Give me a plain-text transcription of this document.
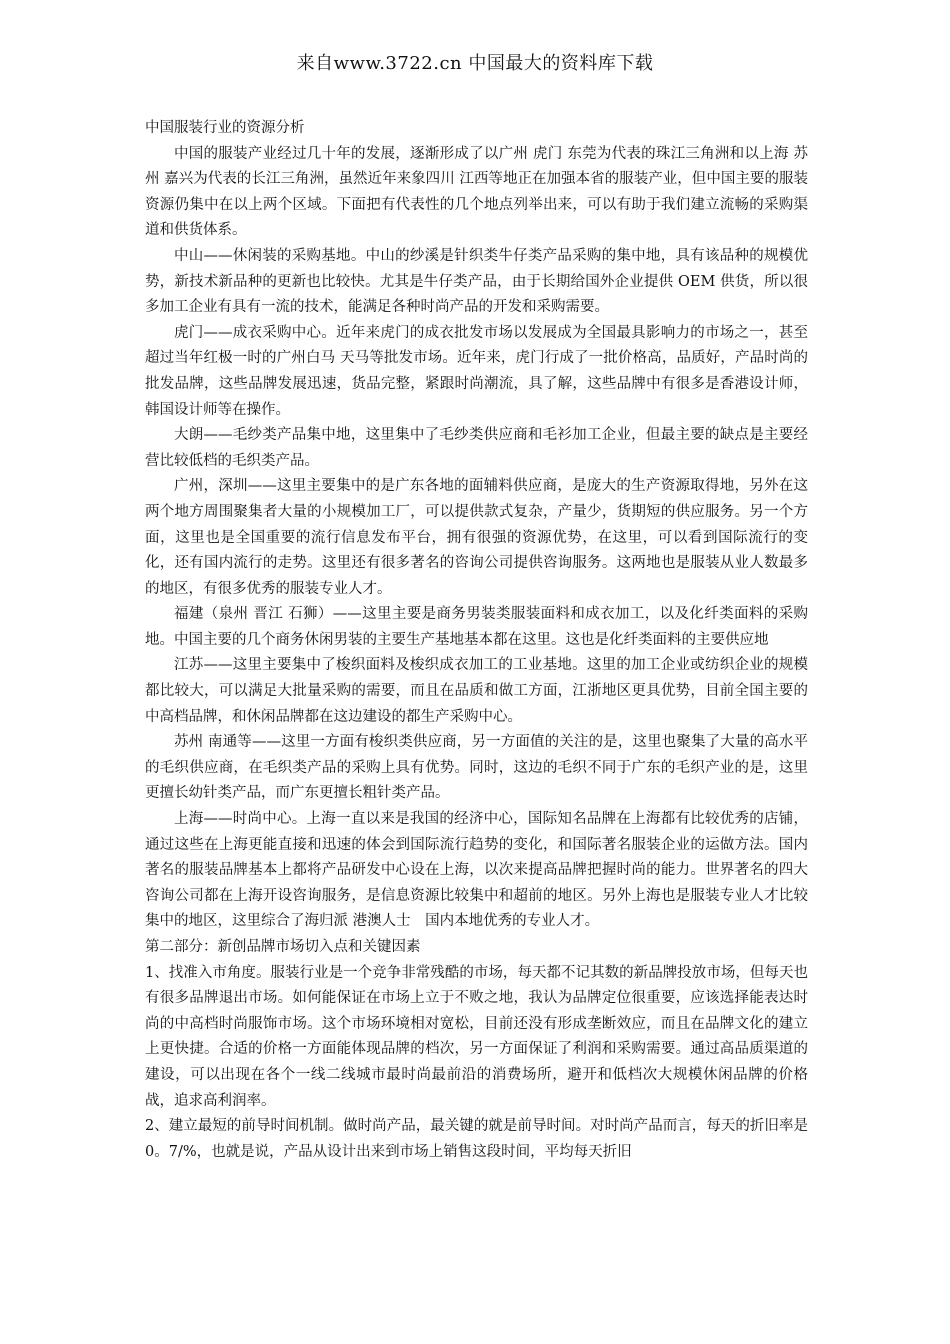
来自www.3722.cn 中国最大的资料库下载

中国服装行业的资源分析

中国的服装产业经过几十年的发展，逐渐形成了以广州 虎门 东莞为代表的珠江三角洲和以上海 苏州 嘉兴为代表的长江三角洲，虽然近年来象四川 江西等地正在加强本省的服装产业，但中国主要的服装资源仍集中在以上两个区域。下面把有代表性的几个地点列举出来，可以有助于我们建立流畅的采购渠道和供货体系。

中山——休闲装的采购基地。中山的纱溪是针织类牛仔类产品采购的集中地，具有该品种的规模优势，新技术新品种的更新也比较快。尤其是牛仔类产品，由于长期给国外企业提供 OEM 供货，所以很多加工企业有具有一流的技术，能满足各种时尚产品的开发和采购需要。

虎门——成衣采购中心。近年来虎门的成衣批发市场以发展成为全国最具影响力的市场之一，甚至超过当年红极一时的广州白马 天马等批发市场。近年来，虎门行成了一批价格高，品质好，产品时尚的批发品牌，这些品牌发展迅速，货品完整，紧跟时尚潮流，具了解，这些品牌中有很多是香港设计师，韩国设计师等在操作。

大朗——毛纱类产品集中地，这里集中了毛纱类供应商和毛衫加工企业，但最主要的缺点是主要经营比较低档的毛织类产品。

广州，深圳——这里主要集中的是广东各地的面辅料供应商，是庞大的生产资源取得地，另外在这两个地方周围聚集者大量的小规模加工厂，可以提供款式复杂，产量少，货期短的供应服务。另一个方面，这里也是全国重要的流行信息发布平台，拥有很强的资源优势，在这里，可以看到国际流行的变化，还有国内流行的走势。这里还有很多著名的咨询公司提供咨询服务。这两地也是服装从业人数最多的地区，有很多优秀的服装专业人才。

福建（泉州 晋江 石狮）——这里主要是商务男装类服装面料和成衣加工，以及化纤类面料的采购地。中国主要的几个商务休闲男装的主要生产基地基本都在这里。这也是化纤类面料的主要供应地

江苏——这里主要集中了梭织面料及梭织成衣加工的工业基地。这里的加工企业或纺织企业的规模都比较大，可以满足大批量采购的需要，而且在品质和做工方面，江浙地区更具优势，目前全国主要的中高档品牌，和休闲品牌都在这边建设的都生产采购中心。

苏州 南通等——这里一方面有梭织类供应商，另一方面值的关注的是，这里也聚集了大量的高水平的毛织供应商，在毛织类产品的采购上具有优势。同时，这边的毛织不同于广东的毛织产业的是，这里更擅长幼针类产品，而广东更擅长粗针类产品。

上海——时尚中心。上海一直以来是我国的经济中心，国际知名品牌在上海都有比较优秀的店铺，通过这些在上海更能直接和迅速的体会到国际流行趋势的变化，和国际著名服装企业的运做方法。国内著名的服装品牌基本上都将产品研发中心设在上海，以次来提高品牌把握时尚的能力。世界著名的四大咨询公司都在上海开设咨询服务，是信息资源比较集中和超前的地区。另外上海也是服装专业人才比较集中的地区，这里综合了海归派 港澳人士　国内本地优秀的专业人才。

第二部分：新创品牌市场切入点和关键因素

1、找准入市角度。服装行业是一个竞争非常残酷的市场，每天都不记其数的新品牌投放市场，但每天也有很多品牌退出市场。如何能保证在市场上立于不败之地，我认为品牌定位很重要，应该选择能表达时尚的中高档时尚服饰市场。这个市场环境相对宽松，目前还没有形成垄断效应，而且在品牌文化的建立上更快捷。合适的价格一方面能体现品牌的档次，另一方面保证了利润和采购需要。通过高品质渠道的建设，可以出现在各个一线二线城市最时尚最前沿的消费场所，避开和低档次大规模休闲品牌的价格战，追求高利润率。

2、建立最短的前导时间机制。做时尚产品，最关键的就是前导时间。对时尚产品而言，每天的折旧率是 0。7/%，也就是说，产品从设计出来到市场上销售这段时间，平均每天折旧
